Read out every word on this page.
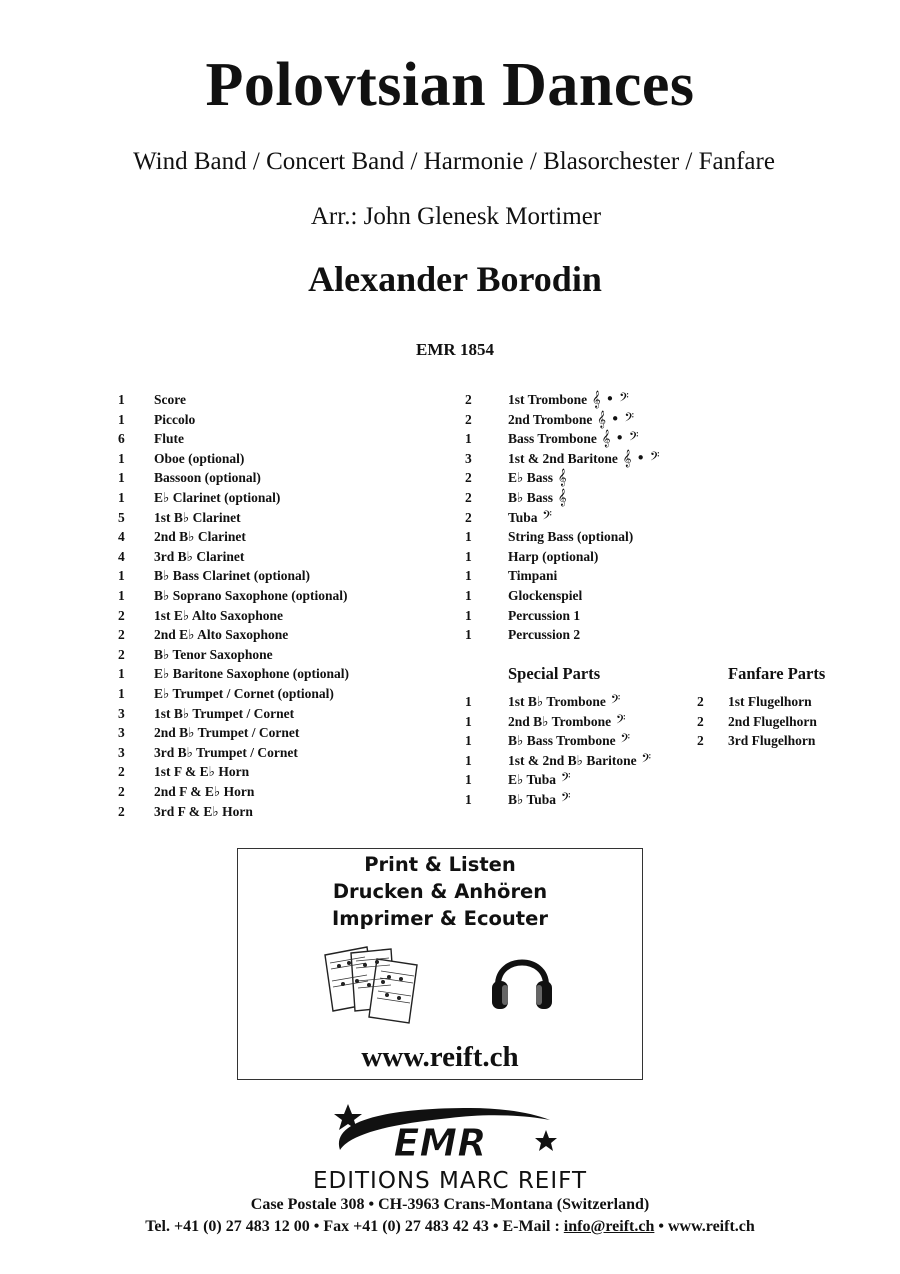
Polovtsian Dances
Wind Band / Concert Band / Harmonie / Blasorchester / Fanfare
Arr.: John Glenesk Mortimer
Alexander Borodin
EMR 1854
1	Score
1	Piccolo
6	Flute
1	Oboe (optional)
1	Bassoon (optional)
1	E♭ Clarinet (optional)
5	1st B♭ Clarinet
4	2nd B♭ Clarinet
4	3rd B♭ Clarinet
1	B♭ Bass Clarinet (optional)
1	B♭ Soprano Saxophone (optional)
2	1st E♭ Alto Saxophone
2	2nd E♭ Alto Saxophone
2	B♭ Tenor Saxophone
1	E♭ Baritone Saxophone (optional)
1	E♭ Trumpet / Cornet (optional)
3	1st B♭ Trumpet / Cornet
3	2nd B♭ Trumpet / Cornet
3	3rd B♭ Trumpet / Cornet
2	1st F & E♭ Horn
2	2nd F & E♭ Horn
2	3rd F & E♭ Horn
2	1st Trombone 𝄞 • 𝄢
2	2nd Trombone 𝄞 • 𝄢
1	Bass Trombone 𝄞 • 𝄢
3	1st & 2nd Baritone 𝄞 • 𝄢
2	E♭ Bass 𝄞
2	B♭ Bass 𝄞
2	Tuba 𝄢
1	String Bass (optional)
1	Harp (optional)
1	Timpani
1	Glockenspiel
1	Percussion 1
1	Percussion 2
Special Parts
1	1st B♭ Trombone 𝄢
1	2nd B♭ Trombone 𝄢
1	B♭ Bass Trombone 𝄢
1	1st & 2nd B♭ Baritone 𝄢
1	E♭ Tuba 𝄢
1	B♭ Tuba 𝄢
Fanfare Parts
2	1st Flugelhorn
2	2nd Flugelhorn
2	3rd Flugelhorn
Print & Listen
Drucken & Anhören
Imprimer & Ecouter
www.reift.ch
EMR
EDITIONS MARC REIFT
Case Postale 308 • CH-3963 Crans-Montana (Switzerland)
Tel. +41 (0) 27 483 12 00 • Fax +41 (0) 27 483 42 43 • E-Mail : info@reift.ch • www.reift.ch
